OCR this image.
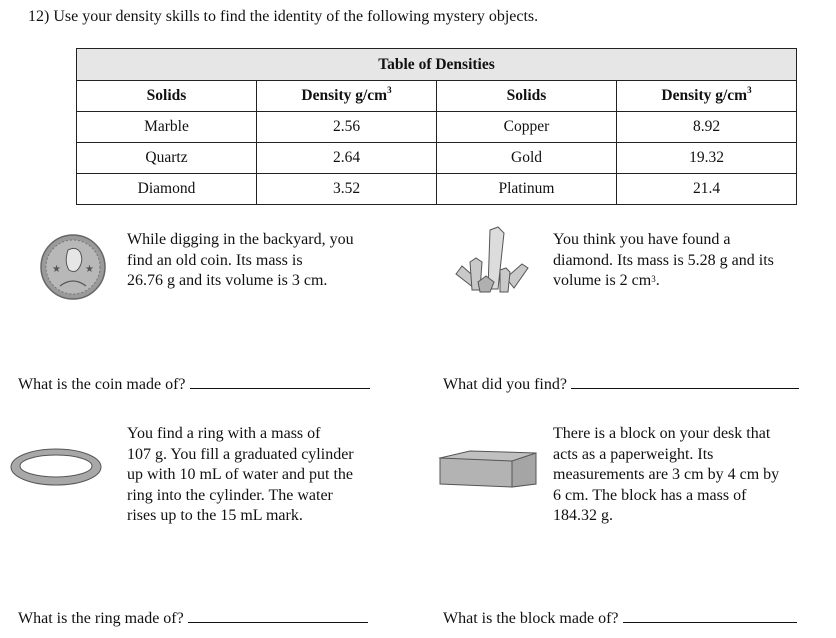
12) Use your density skills to find the identity of the following mystery objects.
Table of Densities			
Solids	Density $g/cm^3$	Solids	Density $g/cm^3$
Marble	2.56	Copper	8.92
Quartz	2.64	Gold	19.32
Diamond	3.52	Platinum	21.4
★ ★
While digging in the backyard, you
find an old coin. Its mass is
26.76 g and its volume is 3 cm.
What is the coin made of?
You think you have found a
diamond. Its mass is 5.28 g and its
volume is 2 $cm^3$.
What did you find?
You find a ring with a mass of
107 g. You fill a graduated cylinder
up with 10 mL of water and put the
ring into the cylinder. The water
rises up to the 15 mL mark.
What is the ring made of?
There is a block on your desk that
acts as a paperweight. Its
measurements are 3 cm by 4 cm by
6 cm. The block has a mass of
184.32 g.
What is the block made of?
